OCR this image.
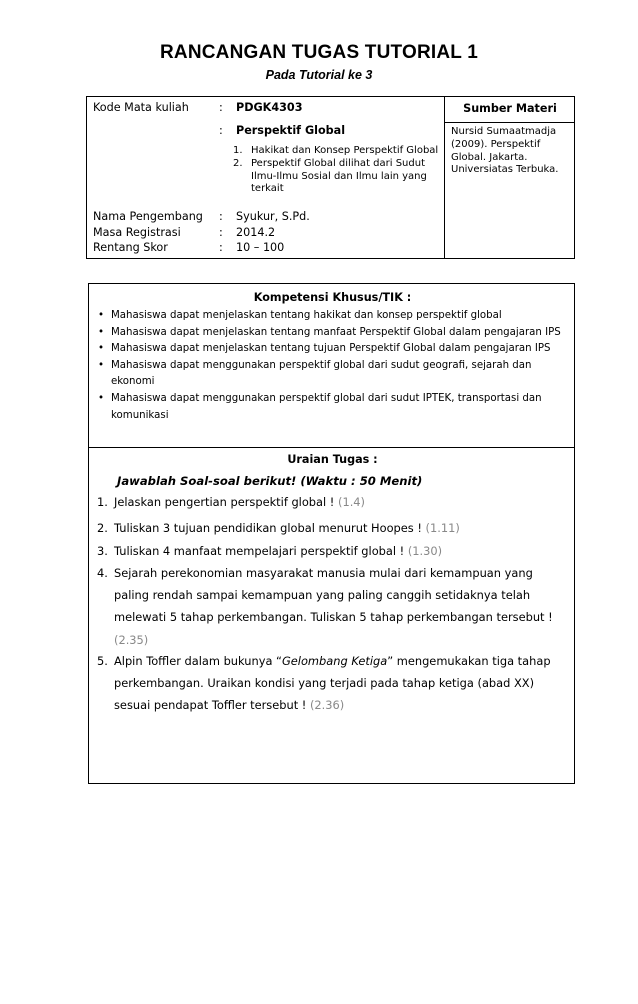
RANCANGAN TUGAS TUTORIAL 1
Pada Tutorial ke 3
Kode Mata kuliah	: PDGK4303
: Perspektif Global
1. Hakikat dan Konsep Perspektif Global
2. Perspektif Global dilihat dari Sudut Ilmu-Ilmu Sosial dan Ilmu lain yang terkait
Nama Pengembang : Syukur, S.Pd.
Masa Registrasi	: 2014.2
Rentang Skor	: 10 – 100
Sumber Materi
Nursid Sumaatmadja (2009). Perspektif Global. Jakarta. Universiatas Terbuka.
Kompetensi Khusus/TIK :
• Mahasiswa dapat menjelaskan tentang hakikat dan konsep perspektif global
• Mahasiswa dapat menjelaskan tentang manfaat Perspektif Global dalam pengajaran IPS
• Mahasiswa dapat menjelaskan tentang tujuan Perspektif Global dalam pengajaran IPS
• Mahasiswa dapat menggunakan perspektif global dari sudut geografi, sejarah dan ekonomi
• Mahasiswa dapat menggunakan perspektif global dari sudut IPTEK, transportasi dan komunikasi
Uraian Tugas :
Jawablah Soal-soal berikut! (Waktu : 50 Menit)
1. Jelaskan pengertian perspektif global ! (1.4)
2. Tuliskan 3 tujuan pendidikan global menurut Hoopes ! (1.11)
3. Tuliskan 4 manfaat mempelajari perspektif global ! (1.30)
4. Sejarah perekonomian masyarakat manusia mulai dari kemampuan yang paling rendah sampai kemampuan yang paling canggih setidaknya telah melewati 5 tahap perkembangan. Tuliskan 5 tahap perkembangan tersebut ! (2.35)
5. Alpin Toffler dalam bukunya “Gelombang Ketiga” mengemukakan tiga tahap perkembangan. Uraikan kondisi yang terjadi pada tahap ketiga (abad XX) sesuai pendapat Toffler tersebut ! (2.36)
